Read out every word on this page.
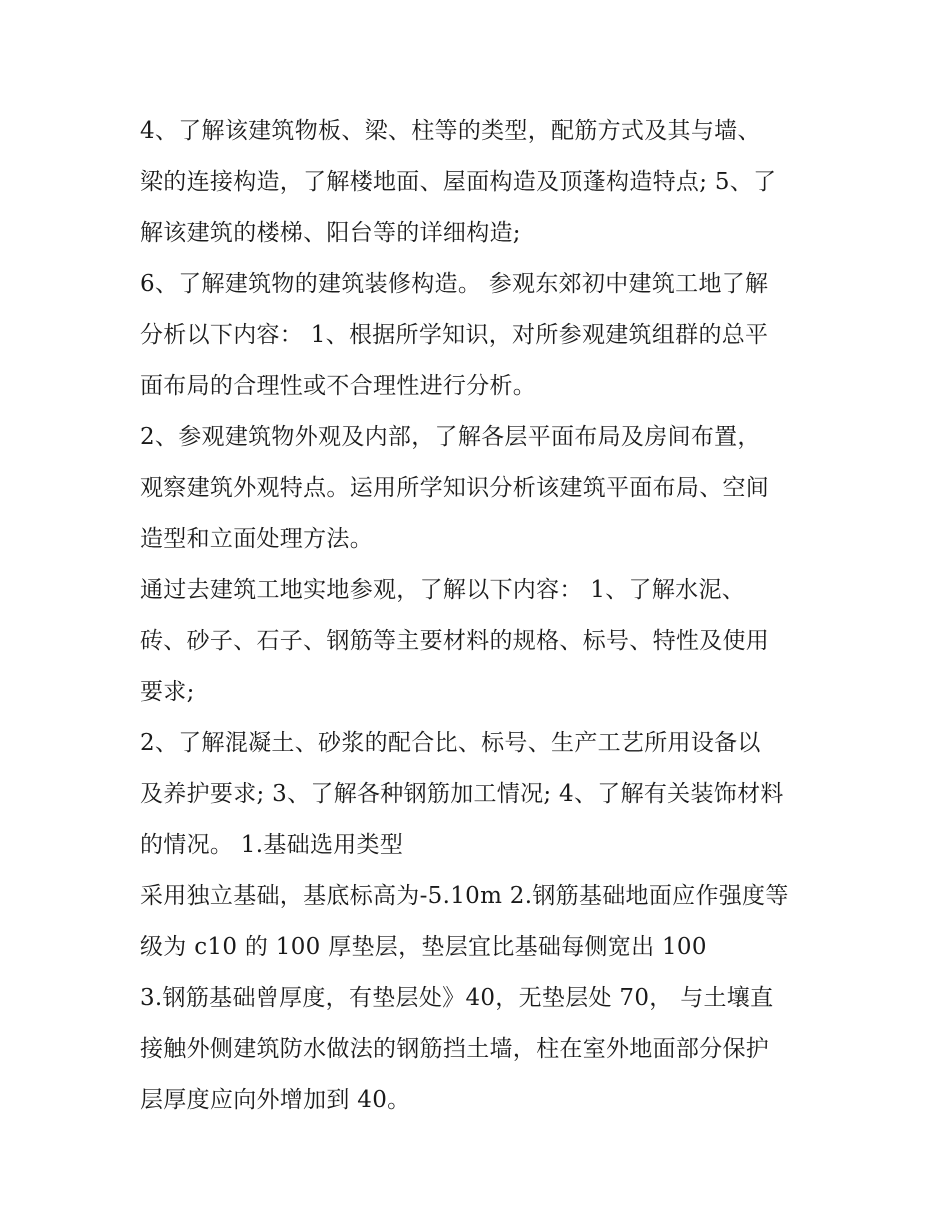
4、了解该建筑物板、梁、柱等的类型，配筋方式及其与墙、
梁的连接构造，了解楼地面、屋面构造及顶蓬构造特点; 5、了
解该建筑的楼梯、阳台等的详细构造;
6、了解建筑物的建筑装修构造。 参观东郊初中建筑工地了解
分析以下内容： 1、根据所学知识，对所参观建筑组群的总平
面布局的合理性或不合理性进行分析。
2、参观建筑物外观及内部，了解各层平面布局及房间布置，
观察建筑外观特点。运用所学知识分析该建筑平面布局、空间
造型和立面处理方法。
通过去建筑工地实地参观，了解以下内容： 1、了解水泥、
砖、砂子、石子、钢筋等主要材料的规格、标号、特性及使用
要求;
2、了解混凝土、砂浆的配合比、标号、生产工艺所用设备以
及养护要求; 3、了解各种钢筋加工情况; 4、了解有关装饰材料
的情况。 1.基础选用类型
采用独立基础，基底标高为-5.10m 2.钢筋基础地面应作强度等
级为 c10 的 100 厚垫层，垫层宜比基础每侧宽出 100
3.钢筋基础曾厚度，有垫层处》40，无垫层处 70， 与土壤直
接触外侧建筑防水做法的钢筋挡土墙，柱在室外地面部分保护
层厚度应向外增加到 40。
